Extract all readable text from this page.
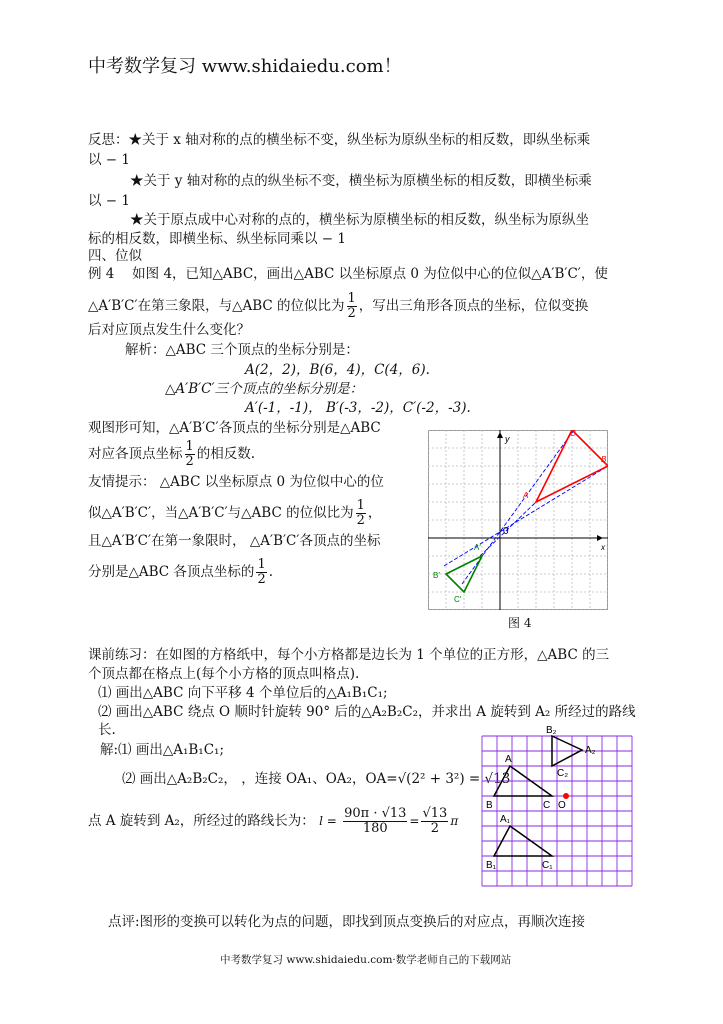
中考数学复习 www.shidaiedu.com！
反思：★关于 x 轴对称的点的横坐标不变，纵坐标为原纵坐标的相反数，即纵坐标乘
以 − 1
★关于 y 轴对称的点的纵坐标不变，横坐标为原横坐标的相反数，即横坐标乘
以 − 1
★关于原点成中心对称的点的，横坐标为原横坐标的相反数，纵坐标为原纵坐
标的相反数，即横坐标、纵坐标同乘以 − 1
四、位似
例 4　 如图 4，已知△ABC，画出△ABC 以坐标原点 0 为位似中心的位似△A′B′C′，使
△A′B′C′在第三象限，与△ABC 的位似比为 $\frac{1}{2}$ ，写出三角形各顶点的坐标，位似变换
后对应顶点发生什么变化？
解析：△ABC 三个顶点的坐标分别是：
A(2，2)，B(6，4)，C(4，6).
△A′B′C′三个顶点的坐标分别是：
A′(-1，-1)， B′(-3，-2)，C′(-2，-3).
观图形可知，△A′B′C′各顶点的坐标分别是△ABC
对应各顶点坐标 $\frac{1}{2}$ 的相反数.
友情提示： △ABC 以坐标原点 0 为位似中心的位
似△A′B′C′，当△A′B′C′与△ABC 的位似比为 $\frac{1}{2}$ ，
且△A′B′C′在第一象限时， △A′B′C′各顶点的坐标
分别是△ABC 各顶点坐标的 $\frac{1}{2}$ .
0
x
y
A
B
C
A′
B′
C′
图 4
课前练习：在如图的方格纸中，每个小方格都是边长为 1 个单位的正方形，△ABC 的三
个顶点都在格点上(每个小方格的顶点叫格点).
⑴ 画出△ABC 向下平移 4 个单位后的△A₁B₁C₁;
⑵ 画出△ABC 绕点 O 顺时针旋转 90° 后的△A₂B₂C₂，并求出 A 旋转到 A₂ 所经过的路线
长.
解:⑴ 画出△A₁B₁C₁;
⑵ 画出△A₂B₂C₂， ，连接 OA₁、OA₂，OA=√(2² + 3²) = √13
点 A 旋转到 A₂，所经过的路线长为： $l = \frac{90\pi \cdot √13}{180} = \frac{√13}{2}$ π
B₂
A₂
C₂
A
B	C O
A₁
B₁	C₁
点评:图形的变换可以转化为点的问题，即找到顶点变换后的对应点，再顺次连接
中考数学复习 www.shidaiedu.com·数学老师自己的下载网站
